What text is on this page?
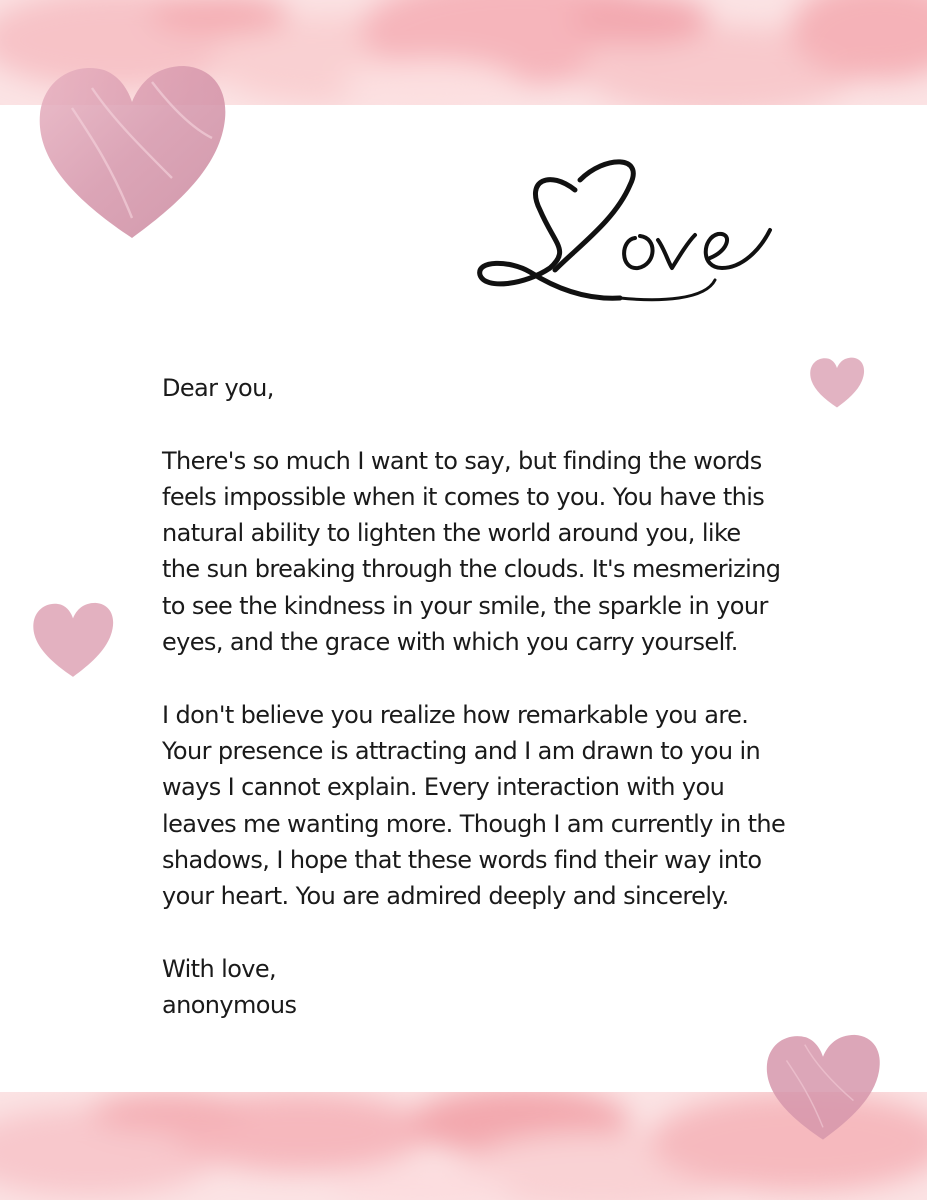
Dear you,

There's so much I want to say, but finding the words

feels impossible when it comes to you. You have this

natural ability to lighten the world around you, like

the sun breaking through the clouds. It's mesmerizing

to see the kindness in your smile, the sparkle in your

eyes, and the grace with which you carry yourself.

I don't believe you realize how remarkable you are.

Your presence is attracting and I am drawn to you in

ways I cannot explain. Every interaction with you

leaves me wanting more. Though I am currently in the

shadows, I hope that these words find their way into

your heart. You are admired deeply and sincerely.

With love,

anonymous
